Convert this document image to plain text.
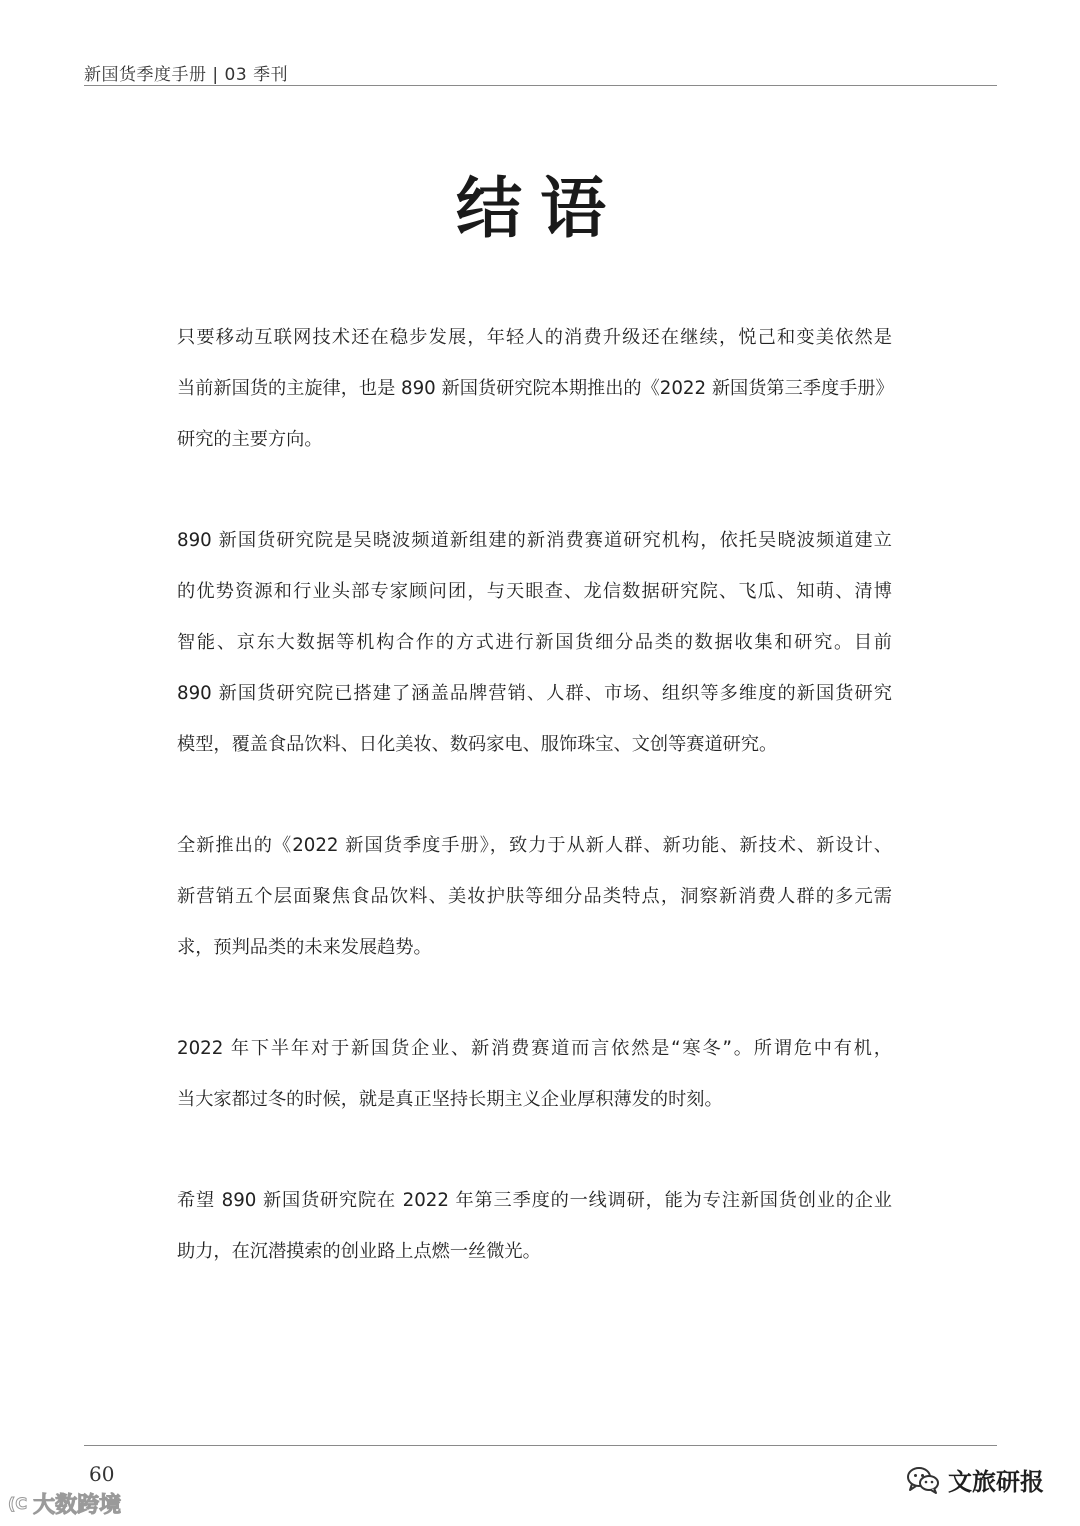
新国货季度手册 | 03 季刊
结语

只要移动互联网技术还在稳步发展，年轻人的消费升级还在继续，悦己和变美依然是
当前新国货的主旋律，也是 890 新国货研究院本期推出的《2022 新国货第三季度手册》
研究的主要方向。

890 新国货研究院是吴晓波频道新组建的新消费赛道研究机构，依托吴晓波频道建立
的优势资源和行业头部专家顾问团，与天眼查、龙信数据研究院、飞瓜、知萌、清博
智能、京东大数据等机构合作的方式进行新国货细分品类的数据收集和研究。目前
890 新国货研究院已搭建了涵盖品牌营销、人群、市场、组织等多维度的新国货研究
模型，覆盖食品饮料、日化美妆、数码家电、服饰珠宝、文创等赛道研究。

全新推出的《2022 新国货季度手册》，致力于从新人群、新功能、新技术、新设计、
新营销五个层面聚焦食品饮料、美妆护肤等细分品类特点，洞察新消费人群的多元需
求，预判品类的未来发展趋势。

2022 年下半年对于新国货企业、新消费赛道而言依然是“寒冬”。所谓危中有机，
当大家都过冬的时候，就是真正坚持长期主义企业厚积薄发的时刻。

希望 890 新国货研究院在 2022 年第三季度的一线调研，能为专注新国货创业的企业
助力，在沉潜摸索的创业路上点燃一丝微光。

60
(C 大数跨境
文旅研报
